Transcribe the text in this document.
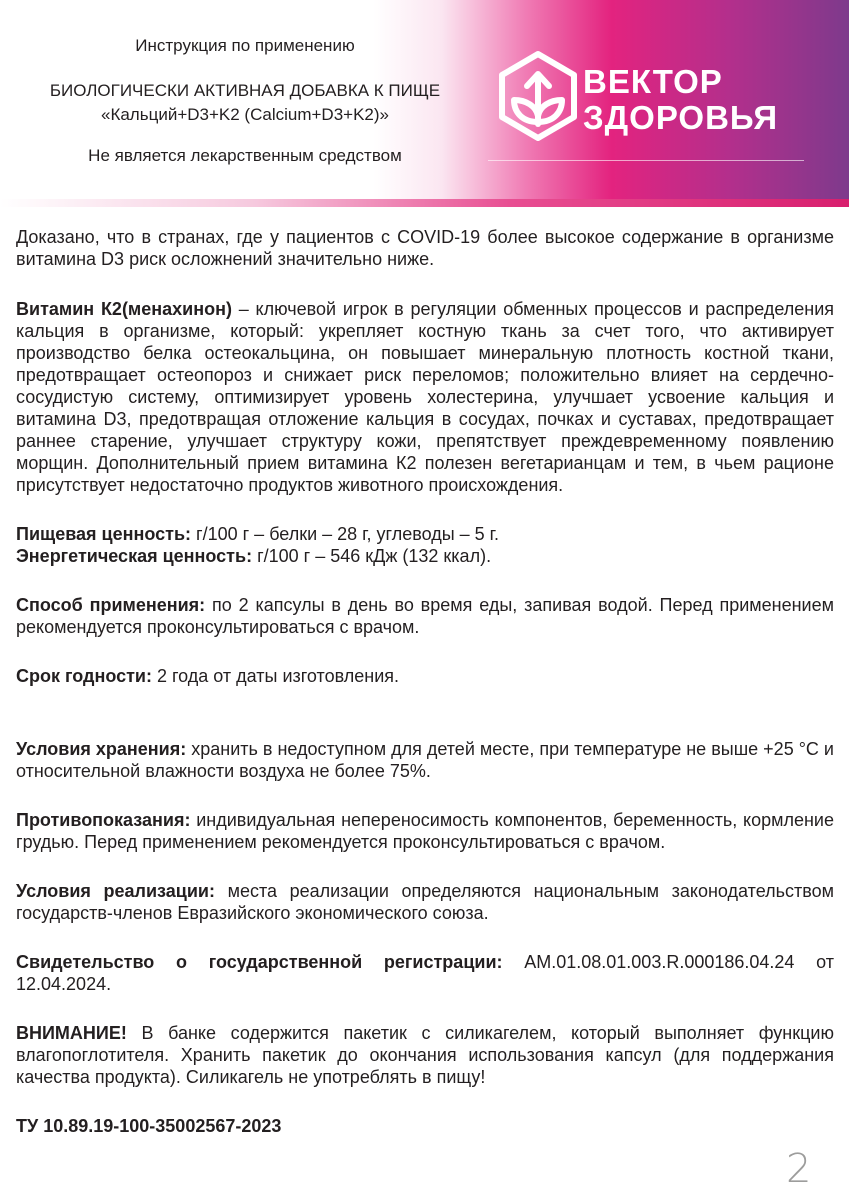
Инструкция по применению
БИОЛОГИЧЕСКИ АКТИВНАЯ ДОБАВКА К ПИЩЕ
«Кальций+D3+K2 (Calcium+D3+K2)»
Не является лекарственным средством
ВЕКТОР
ЗДОРОВЬЯ

Доказано, что в странах, где у пациентов с COVID-19 более высокое содержание в организме витамина D3 риск осложнений значительно ниже.

Витамин К2(менахинон) – ключевой игрок в регуляции обменных процессов и распределения кальция в организме, который: укрепляет костную ткань за счет того, что активирует производство белка остеокальцина, он повышает минеральную плотность костной ткани, предотвращает остеопороз и снижает риск переломов; положительно влияет на сердечно-сосудистую систему, оптимизирует уровень холестерина, улучшает усвоение кальция и витамина D3, предотвращая отложение кальция в сосудах, почках и суставах, предотвращает раннее старение, улучшает структуру кожи, препятствует преждевременному появлению морщин. Дополнительный прием витамина К2 полезен вегетарианцам и тем, в чьем рационе присутствует недостаточно продуктов животного происхождения.

Пищевая ценность: г/100 г – белки – 28 г, углеводы – 5 г.

Энергетическая ценность: г/100 г – 546 кДж (132 ккал).

Способ применения: по 2 капсулы в день во время еды, запивая водой. Перед применением рекомендуется проконсультироваться с врачом.

Срок годности: 2 года от даты изготовления.

Условия хранения: хранить в недоступном для детей месте, при температуре не выше +25 °С и относительной влажности воздуха не более 75%.

Противопоказания: индивидуальная непереносимость компонентов, беременность, кормление грудью. Перед применением рекомендуется проконсультироваться с врачом.

Условия реализации: места реализации определяются национальным законодательством государств-членов Евразийского экономического союза.

Свидетельство о государственной регистрации: AM.01.08.01.003.R.000186.04.24 от 12.04.2024.

ВНИМАНИЕ! В банке содержится пакетик с силикагелем, который выполняет функцию влагопоглотителя. Хранить пакетик до окончания использования капсул (для поддержания качества продукта). Силикагель не употреблять в пищу!

ТУ 10.89.19-100-35002567-2023

2
